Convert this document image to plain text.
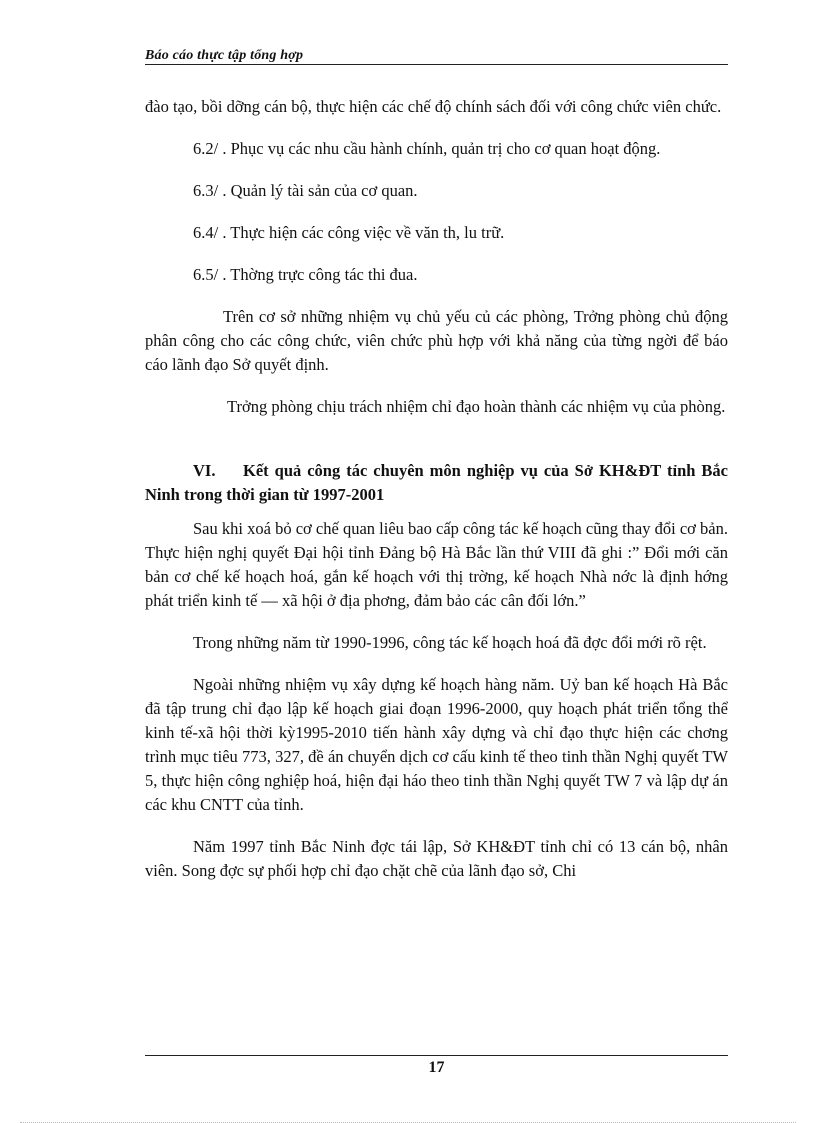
Báo cáo thực tập tổng hợp

đào tạo, bồi dỡng cán bộ, thực hiện các chế độ chính sách đối với công chức viên chức.

6.2/ . Phục vụ các nhu cầu hành chính, quản trị cho cơ quan hoạt động.

6.3/ . Quản lý tài sản của cơ quan.

6.4/ . Thực hiện các công việc về văn th, lu trữ.

6.5/ . Thờng trực công tác thi đua.

Trên cơ sở những nhiệm vụ chủ yếu củ các phòng, Trởng phòng chủ động phân công cho các công chức, viên chức phù hợp với khả năng của từng ngời để báo cáo lãnh đạo Sở quyết định.

Trởng phòng chịu trách nhiệm chỉ đạo hoàn thành các nhiệm vụ của phòng.

VI. Kết quả công tác chuyên môn nghiệp vụ của Sở KH&ĐT tỉnh Bắc Ninh trong thời gian từ 1997-2001

Sau khi xoá bỏ cơ chế quan liêu bao cấp công tác kế hoạch cũng thay đổi cơ bản. Thực hiện nghị quyết Đại hội tỉnh Đảng bộ Hà Bắc lần thứ VIII đã ghi :” Đổi mới căn bản cơ chế kế hoạch hoá, gắn kế hoạch với thị trờng, kế hoạch Nhà nớc là định hớng phát triển kinh tế — xã hội ở địa phơng, đảm bảo các cân đối lớn.”

Trong những năm từ 1990-1996, công tác kế hoạch hoá đã đợc đổi mới rõ rệt.

Ngoài những nhiệm vụ xây dựng kế hoạch hàng năm. Uỷ ban kế hoạch Hà Bắc đã tập trung chỉ đạo lập kế hoạch giai đoạn 1996-2000, quy hoạch phát triển tổng thể kinh tế-xã hội thời kỳ1995-2010 tiến hành xây dựng và chỉ đạo thực hiện các chơng trình mục tiêu 773, 327, đề án chuyển dịch cơ cấu kinh tế theo tinh thần Nghị quyết TW 5, thực hiện công nghiệp hoá, hiện đại háo theo tinh thần Nghị quyết TW 7 và lập dự án các khu CNTT của tỉnh.

Năm 1997 tỉnh Bắc Ninh đợc tái lập, Sở KH&ĐT tỉnh chỉ có 13 cán bộ, nhân viên. Song đợc sự phối hợp chỉ đạo chặt chẽ của lãnh đạo sở, Chi

17
